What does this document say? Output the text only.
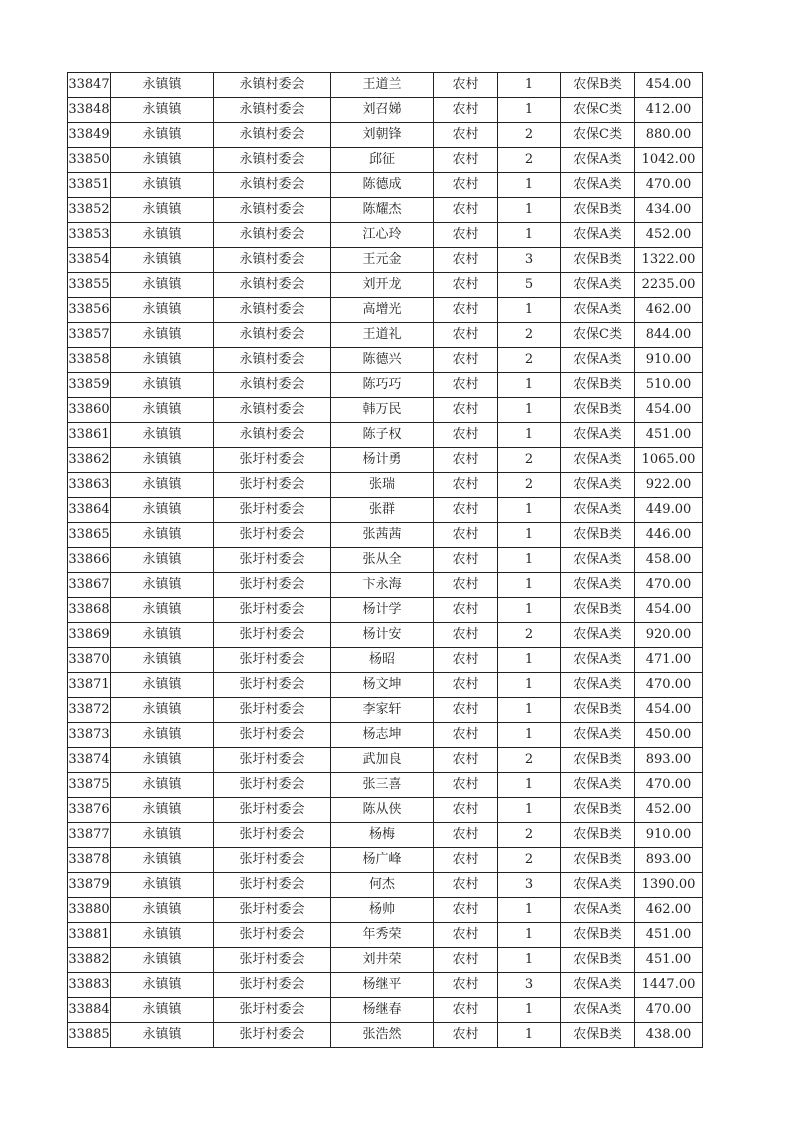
33847	永镇镇	永镇村委会	王道兰	农村	1	农保B类	454.00
33848	永镇镇	永镇村委会	刘召娣	农村	1	农保C类	412.00
33849	永镇镇	永镇村委会	刘朝锋	农村	2	农保C类	880.00
33850	永镇镇	永镇村委会	邱征	农村	2	农保A类	1042.00
33851	永镇镇	永镇村委会	陈德成	农村	1	农保A类	470.00
33852	永镇镇	永镇村委会	陈耀杰	农村	1	农保B类	434.00
33853	永镇镇	永镇村委会	江心玲	农村	1	农保A类	452.00
33854	永镇镇	永镇村委会	王元金	农村	3	农保B类	1322.00
33855	永镇镇	永镇村委会	刘开龙	农村	5	农保A类	2235.00
33856	永镇镇	永镇村委会	高增光	农村	1	农保A类	462.00
33857	永镇镇	永镇村委会	王道礼	农村	2	农保C类	844.00
33858	永镇镇	永镇村委会	陈德兴	农村	2	农保A类	910.00
33859	永镇镇	永镇村委会	陈巧巧	农村	1	农保B类	510.00
33860	永镇镇	永镇村委会	韩万民	农村	1	农保B类	454.00
33861	永镇镇	永镇村委会	陈子权	农村	1	农保A类	451.00
33862	永镇镇	张圩村委会	杨计勇	农村	2	农保A类	1065.00
33863	永镇镇	张圩村委会	张瑞	农村	2	农保A类	922.00
33864	永镇镇	张圩村委会	张群	农村	1	农保A类	449.00
33865	永镇镇	张圩村委会	张茜茜	农村	1	农保B类	446.00
33866	永镇镇	张圩村委会	张从全	农村	1	农保A类	458.00
33867	永镇镇	张圩村委会	卞永海	农村	1	农保A类	470.00
33868	永镇镇	张圩村委会	杨计学	农村	1	农保B类	454.00
33869	永镇镇	张圩村委会	杨计安	农村	2	农保A类	920.00
33870	永镇镇	张圩村委会	杨昭	农村	1	农保A类	471.00
33871	永镇镇	张圩村委会	杨文坤	农村	1	农保A类	470.00
33872	永镇镇	张圩村委会	李家轩	农村	1	农保B类	454.00
33873	永镇镇	张圩村委会	杨志坤	农村	1	农保A类	450.00
33874	永镇镇	张圩村委会	武加良	农村	2	农保B类	893.00
33875	永镇镇	张圩村委会	张三喜	农村	1	农保A类	470.00
33876	永镇镇	张圩村委会	陈从侠	农村	1	农保B类	452.00
33877	永镇镇	张圩村委会	杨梅	农村	2	农保B类	910.00
33878	永镇镇	张圩村委会	杨广峰	农村	2	农保B类	893.00
33879	永镇镇	张圩村委会	何杰	农村	3	农保A类	1390.00
33880	永镇镇	张圩村委会	杨帅	农村	1	农保A类	462.00
33881	永镇镇	张圩村委会	年秀荣	农村	1	农保B类	451.00
33882	永镇镇	张圩村委会	刘井荣	农村	1	农保B类	451.00
33883	永镇镇	张圩村委会	杨继平	农村	3	农保A类	1447.00
33884	永镇镇	张圩村委会	杨继春	农村	1	农保A类	470.00
33885	永镇镇	张圩村委会	张浩然	农村	1	农保B类	438.00
